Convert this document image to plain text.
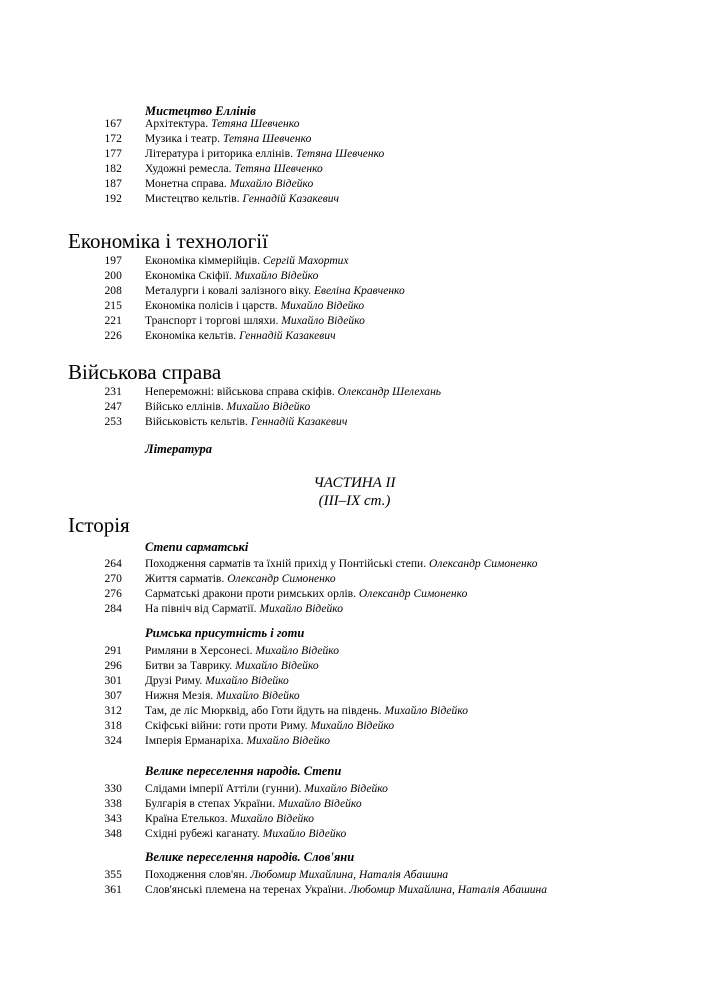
Мистецтво Еллінів
167 Архітектура. Тетяна Шевченко
172 Музика і театр. Тетяна Шевченко
177 Література і риторика еллінів. Тетяна Шевченко
182 Художні ремесла. Тетяна Шевченко
187 Монетна справа. Михайло Відейко
192 Мистецтво кельтів. Геннадій Казакевич
Економіка і технології
197 Економіка кіммерійців. Сергій Махортих
200 Економіка Скіфії. Михайло Відейко
208 Металурги і ковалі залізного віку. Евеліна Кравченко
215 Економіка полісів і царств. Михайло Відейко
221 Транспорт і торгові шляхи. Михайло Відейко
226 Економіка кельтів. Геннадій Казакевич
Військова справа
231 Непереможні: військова справа скіфів. Олександр Шелехань
247 Військо еллінів. Михайло Відейко
253 Військовість кельтів. Геннадій Казакевич
Література
ЧАСТИНА II
(III–IX ст.)
Історія
Степи сарматські
264 Походження сарматів та їхній прихід у Понтійські степи. Олександр Симоненко
270 Життя сарматів. Олександр Симоненко
276 Сарматські дракони проти римських орлів. Олександр Симоненко
284 На північ від Сарматії. Михайло Відейко
Римська присутність і готи
291 Римляни в Херсонесі. Михайло Відейко
296 Битви за Таврику. Михайло Відейко
301 Друзі Риму. Михайло Відейко
307 Нижня Мезія. Михайло Відейко
312 Там, де ліс Мюрквід, або Готи йдуть на південь. Михайло Відейко
318 Скіфські війни: готи проти Риму. Михайло Відейко
324 Імперія Ерманаріха. Михайло Відейко
Велике переселення народів. Степи
330 Слідами імперії Аттіли (гунни). Михайло Відейко
338 Булгарія в степах України. Михайло Відейко
343 Країна Етелькоз. Михайло Відейко
348 Східні рубежі каганату. Михайло Відейко
Велике переселення народів. Слов'яни
355 Походження слов'ян. Любомир Михайлина, Наталія Абашина
361 Слов'янські племена на теренах України. Любомир Михайлина, Наталія Абашина
